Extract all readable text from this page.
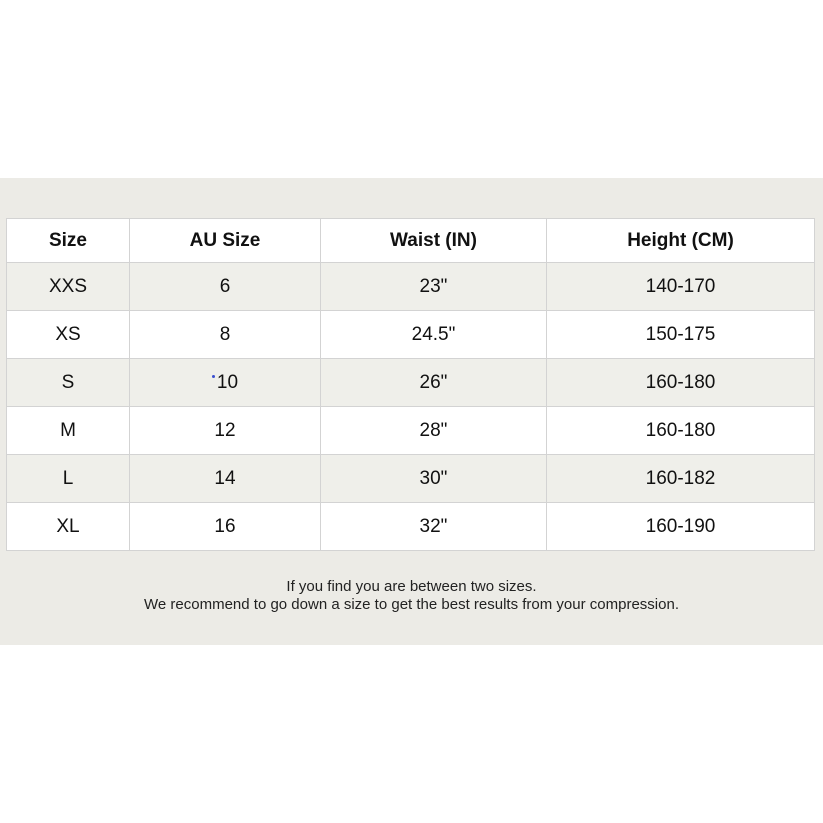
Size	AU Size	Waist (IN)	Height (CM)
XXS	6	23"	140-170
XS	8	24.5"	150-175
S	10	26"	160-180
M	12	28"	160-180
L	14	30"	160-182
XL	16	32"	160-190
If you find you are between two sizes.
We recommend to go down a size to get the best results from your compression.
